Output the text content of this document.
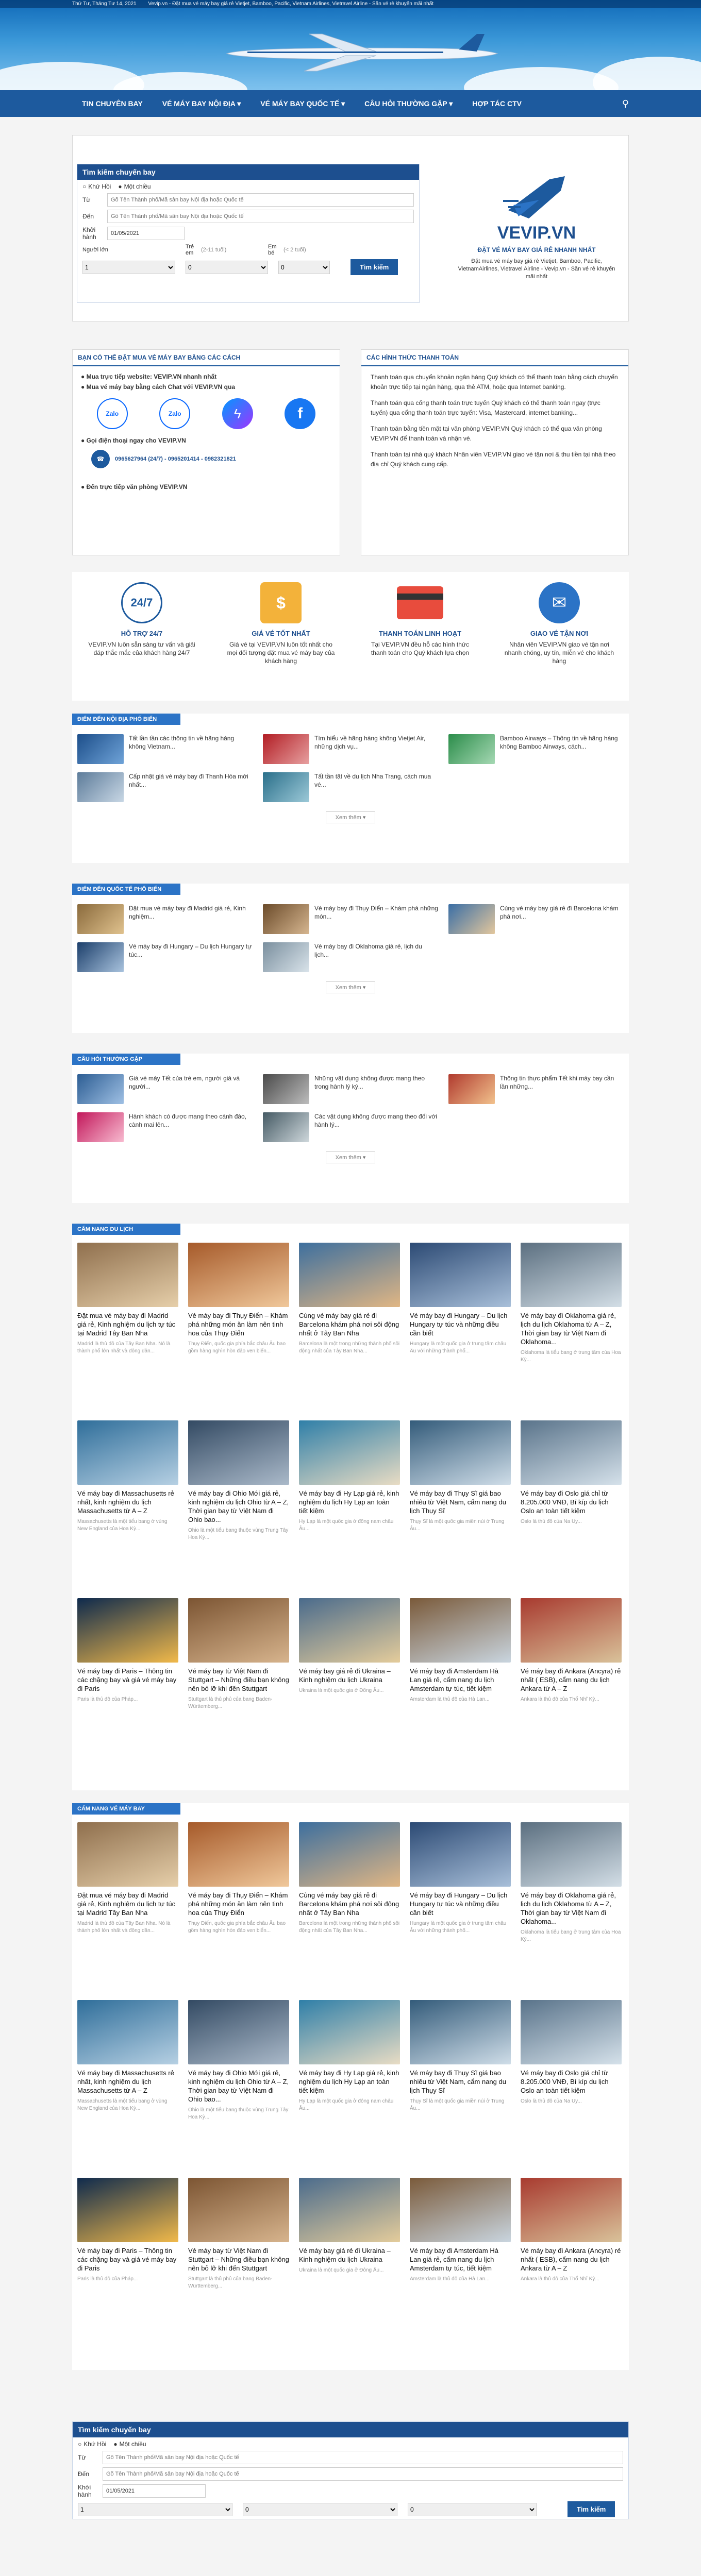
Thứ Tư, Tháng Tư 14, 2021 Vevip.vn - Đặt mua vé máy bay giá rẻ Vietjet, Bamboo, Pacific, Vietnam Airlines, Vietravel Airline - Săn vé rẻ khuyến mãi nhất
TIN CHUYÊN BAY	VÉ MÁY BAY NỘI ĐỊA ▾	VÉ MÁY BAY QUỐC TẾ ▾	CÂU HỎI THƯỜNG GẶP ▾	HỢP TÁC CTV	⚲
Tìm kiếm chuyến bay
○ Khứ Hồi ● Một chiều
Từ
Gõ Tên Thành phố/Mã sân bay Nội địa hoặc Quốc tế
Đến
Gõ Tên Thành phố/Mã sân bay Nội địa hoặc Quốc tế
Khởi hành
01/05/2021
Người lớn	Trẻ em	(2-11 tuổi)	Em bé	(< 2 tuổi)
1
0
0
Tìm kiếm
VEVIP.VN
ĐẶT VÉ MÁY BAY GIÁ RẺ NHANH NHẤT
Đặt mua vé máy bay giá rẻ Vietjet, Bamboo, Pacific, VietnamAirlines, Vietravel Airline - Vevip.vn - Săn vé rẻ khuyến mãi nhất
BẠN CÓ THỂ ĐẶT MUA VÉ MÁY BAY BẰNG CÁC CÁCH
● Mua trực tiếp website: VEVIP.VN nhanh nhất
● Mua vé máy bay bằng cách Chat với VEVIP.VN qua
Zalo	Zalo	ϟ	f
● Gọi điện thoại ngay cho VEVIP.VN
☎	0965627964 (24/7) - 0965201414 - 0982321821
● Đến trực tiếp văn phòng VEVIP.VN
CÁC HÌNH THỨC THANH TOÁN

Thanh toán qua chuyển khoản ngân hàng Quý khách có thể thanh toán bằng cách chuyển khoản trực tiếp tại ngân hàng, qua thẻ ATM, hoặc qua Internet banking.

Thanh toán qua cổng thanh toán trực tuyến Quý khách có thể thanh toán ngay (trực tuyến) qua cổng thanh toán trực tuyến: Visa, Mastercard, internet banking...

Thanh toán bằng tiền mặt tại văn phòng VEVIP.VN Quý khách có thể qua văn phòng VEVIP.VN để thanh toán và nhận vé.

Thanh toán tại nhà quý khách Nhân viên VEVIP.VN giao vé tận nơi & thu tiền tại nhà theo địa chỉ Quý khách cung cấp.

24/7
HỖ TRỢ 24/7
VEVIP.VN luôn sẵn sàng tư vấn và giải đáp thắc mắc của khách hàng 24/7
$
GIÁ VÉ TỐT NHẤT
Giá vé tại VEVIP.VN luôn tốt nhất cho mọi đối tượng đặt mua vé máy bay của khách hàng
THANH TOÁN LINH HOẠT
Tại VEVIP.VN đều hỗ các hình thức thanh toán cho Quý khách lựa chọn
✉
GIAO VÉ TẬN NƠI
Nhân viên VEVIP.VN giao vé tận nơi nhanh chóng, uy tín, miễn vé cho khách hàng
ĐIỂM ĐẾN NỘI ĐỊA PHỔ BIẾN
Tất lần tần các thông tin về hãng hàng không Vietnam...
Tìm hiểu về hãng hàng không Vietjet Air, những dịch vụ...
Bamboo Airways – Thông tin về hãng hàng không Bamboo Airways, cách...
Cấp nhật giá vé máy bay đi Thanh Hóa mới nhất...
Tất tần tật về du lịch Nha Trang, cách mua vé...
Xem thêm ▾
ĐIỂM ĐẾN QUỐC TẾ PHỔ BIẾN
Đặt mua vé máy bay đi Madrid giá rẻ, Kinh nghiệm...
Vé máy bay đi Thụy Điển – Khám phá những món...
Cùng vé máy bay giá rẻ đi Barcelona khám phá nơi...
Vé máy bay đi Hungary – Du lịch Hungary tự túc...
Vé máy bay đi Oklahoma giá rẻ, lịch du lịch...
Xem thêm ▾
CÂU HỎI THƯỜNG GẶP
Giá vé máy Tết của trẻ em, người già và người...
Những vật dụng không được mang theo trong hành lý ký...
Thông tin thực phẩm Tết khi máy bay cần lần những...
Hành khách có được mang theo cánh đào, cành mai lên...
Các vật dụng không được mang theo đối với hành lý...
Xem thêm ▾
CẨM NANG DU LỊCH
Đặt mua vé máy bay đi Madrid giá rẻ, Kinh nghiệm du lịch tự túc tại Madrid Tây Ban Nha
Madrid là thủ đô của Tây Ban Nha. Nó là thành phố lớn nhất và đông dân...
Vé máy bay đi Thụy Điển – Khám phá những món ăn làm nên tinh hoa của Thụy Điển
Thụy Điển, quốc gia phía bắc châu Âu bao gồm hàng nghìn hòn đảo ven biển...
Cùng vé máy bay giá rẻ đi Barcelona khám phá nơi sôi động nhất ở Tây Ban Nha
Barcelona là một trong những thành phố sôi động nhất của Tây Ban Nha...
Vé máy bay đi Hungary – Du lịch Hungary tự túc và những điều cần biết
Hungary là một quốc gia ở trung tâm châu Âu với những thành phố...
Vé máy bay đi Oklahoma giá rẻ, lịch du lịch Oklahoma từ A – Z, Thời gian bay từ Việt Nam đi Oklahoma...
Oklahoma là tiểu bang ở trung tâm của Hoa Kỳ...
Vé máy bay đi Massachusetts rẻ nhất, kinh nghiệm du lịch Massachusetts từ A – Z
Massachusetts là một tiểu bang ở vùng New England của Hoa Kỳ...
Vé máy bay đi Ohio Mới giá rẻ, kinh nghiệm du lịch Ohio từ A – Z, Thời gian bay từ Việt Nam đi Ohio bao...
Ohio là một tiểu bang thuộc vùng Trung Tây Hoa Kỳ...
Vé máy bay đi Hy Lạp giá rẻ, kinh nghiệm du lịch Hy Lạp an toàn tiết kiệm
Hy Lạp là một quốc gia ở đông nam châu Âu...
Vé máy bay đi Thụy Sĩ giá bao nhiêu từ Việt Nam, cẩm nang du lịch Thụy Sĩ
Thụy Sĩ là một quốc gia miền núi ở Trung Âu...
Vé máy bay đi Oslo giá chỉ từ 8.205.000 VNĐ, Bí kíp du lịch Oslo an toàn tiết kiệm
Oslo là thủ đô của Na Uy...
Vé máy bay đi Paris – Thông tin các chặng bay và giá vé máy bay đi Paris
Paris là thủ đô của Pháp...
Vé máy bay từ Việt Nam đi Stuttgart – Những điều bạn không nên bỏ lỡ khi đến Stuttgart
Stuttgart là thủ phủ của bang Baden-Württemberg...
Vé máy bay giá rẻ đi Ukraina – Kinh nghiệm du lịch Ukraina
Ukraina là một quốc gia ở Đông Âu...
Vé máy bay đi Amsterdam Hà Lan giá rẻ, cẩm nang du lịch Amsterdam tự túc, tiết kiệm
Amsterdam là thủ đô của Hà Lan...
Vé máy bay đi Ankara (Ancyra) rẻ nhất ( ESB), cẩm nang du lịch Ankara từ A – Z
Ankara là thủ đô của Thổ Nhĩ Kỳ...
CẨM NANG VÉ MÁY BAY
Đặt mua vé máy bay đi Madrid giá rẻ, Kinh nghiệm du lịch tự túc tại Madrid Tây Ban Nha
Madrid là thủ đô của Tây Ban Nha. Nó là thành phố lớn nhất và đông dân...
Vé máy bay đi Thụy Điển – Khám phá những món ăn làm nên tinh hoa của Thụy Điển
Thụy Điển, quốc gia phía bắc châu Âu bao gồm hàng nghìn hòn đảo ven biển...
Cùng vé máy bay giá rẻ đi Barcelona khám phá nơi sôi động nhất ở Tây Ban Nha
Barcelona là một trong những thành phố sôi động nhất của Tây Ban Nha...
Vé máy bay đi Hungary – Du lịch Hungary tự túc và những điều cần biết
Hungary là một quốc gia ở trung tâm châu Âu với những thành phố...
Vé máy bay đi Oklahoma giá rẻ, lịch du lịch Oklahoma từ A – Z, Thời gian bay từ Việt Nam đi Oklahoma...
Oklahoma là tiểu bang ở trung tâm của Hoa Kỳ...
Vé máy bay đi Massachusetts rẻ nhất, kinh nghiệm du lịch Massachusetts từ A – Z
Massachusetts là một tiểu bang ở vùng New England của Hoa Kỳ...
Vé máy bay đi Ohio Mới giá rẻ, kinh nghiệm du lịch Ohio từ A – Z, Thời gian bay từ Việt Nam đi Ohio bao...
Ohio là một tiểu bang thuộc vùng Trung Tây Hoa Kỳ...
Vé máy bay đi Hy Lạp giá rẻ, kinh nghiệm du lịch Hy Lạp an toàn tiết kiệm
Hy Lạp là một quốc gia ở đông nam châu Âu...
Vé máy bay đi Thụy Sĩ giá bao nhiêu từ Việt Nam, cẩm nang du lịch Thụy Sĩ
Thụy Sĩ là một quốc gia miền núi ở Trung Âu...
Vé máy bay đi Oslo giá chỉ từ 8.205.000 VNĐ, Bí kíp du lịch Oslo an toàn tiết kiệm
Oslo là thủ đô của Na Uy...
Vé máy bay đi Paris – Thông tin các chặng bay và giá vé máy bay đi Paris
Paris là thủ đô của Pháp...
Vé máy bay từ Việt Nam đi Stuttgart – Những điều bạn không nên bỏ lỡ khi đến Stuttgart
Stuttgart là thủ phủ của bang Baden-Württemberg...
Vé máy bay giá rẻ đi Ukraina – Kinh nghiệm du lịch Ukraina
Ukraina là một quốc gia ở Đông Âu...
Vé máy bay đi Amsterdam Hà Lan giá rẻ, cẩm nang du lịch Amsterdam tự túc, tiết kiệm
Amsterdam là thủ đô của Hà Lan...
Vé máy bay đi Ankara (Ancyra) rẻ nhất ( ESB), cẩm nang du lịch Ankara từ A – Z
Ankara là thủ đô của Thổ Nhĩ Kỳ...
Tìm kiếm chuyến bay
○ Khứ Hồi ● Một chiều
Từ
Gõ Tên Thành phố/Mã sân bay Nội địa hoặc Quốc tế
Đến
Gõ Tên Thành phố/Mã sân bay Nội địa hoặc Quốc tế
Khởi hành
01/05/2021
1
0
0
Tìm kiếm
